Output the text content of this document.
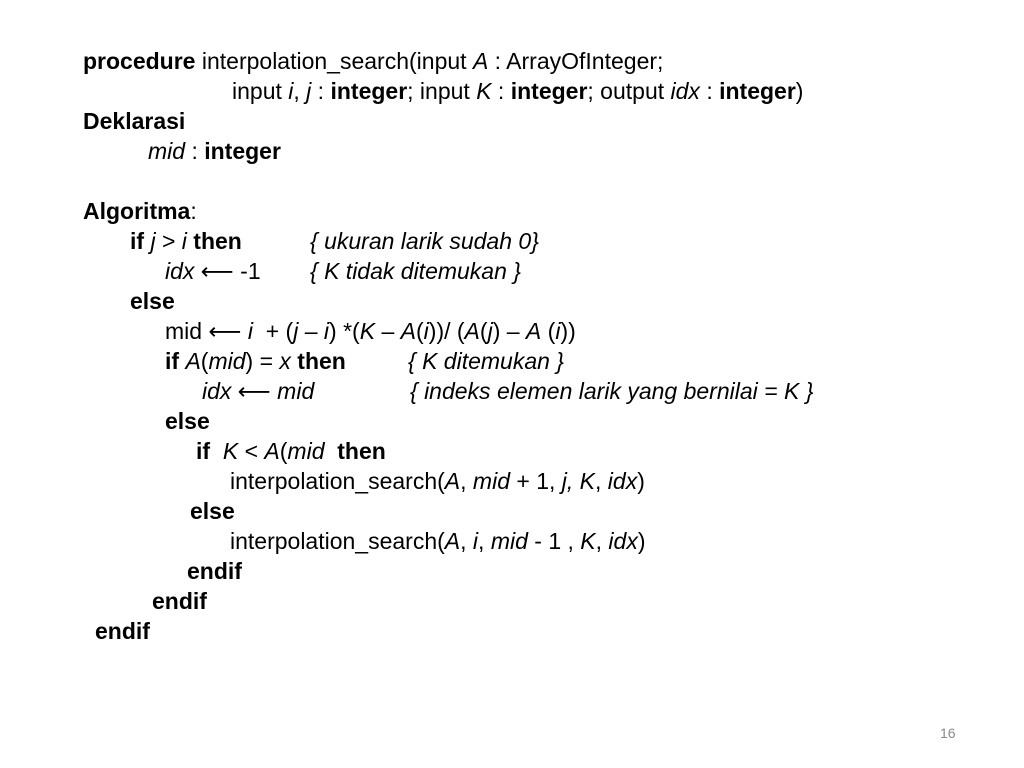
procedure interpolation_search(input A : ArrayOfInteger;
input i, j : integer; input K : integer; output idx : integer)
Deklarasi
mid : integer
Algoritma:
if j > i then	{ ukuran larik sudah 0}
idx ⟵ -1 { K tidak ditemukan }
else
mid ⟵ i  + (j – i) *(K – A(i))/ (A(j) – A (i))
if A(mid) = x then	{ K ditemukan }
idx ⟵ mid	{ indeks elemen larik yang bernilai = K }
else
if  K < A(mid  then
interpolation_search(A, mid + 1, j, K, idx)
else
interpolation_search(A, i, mid - 1 , K, idx)
endif
endif
endif
16
